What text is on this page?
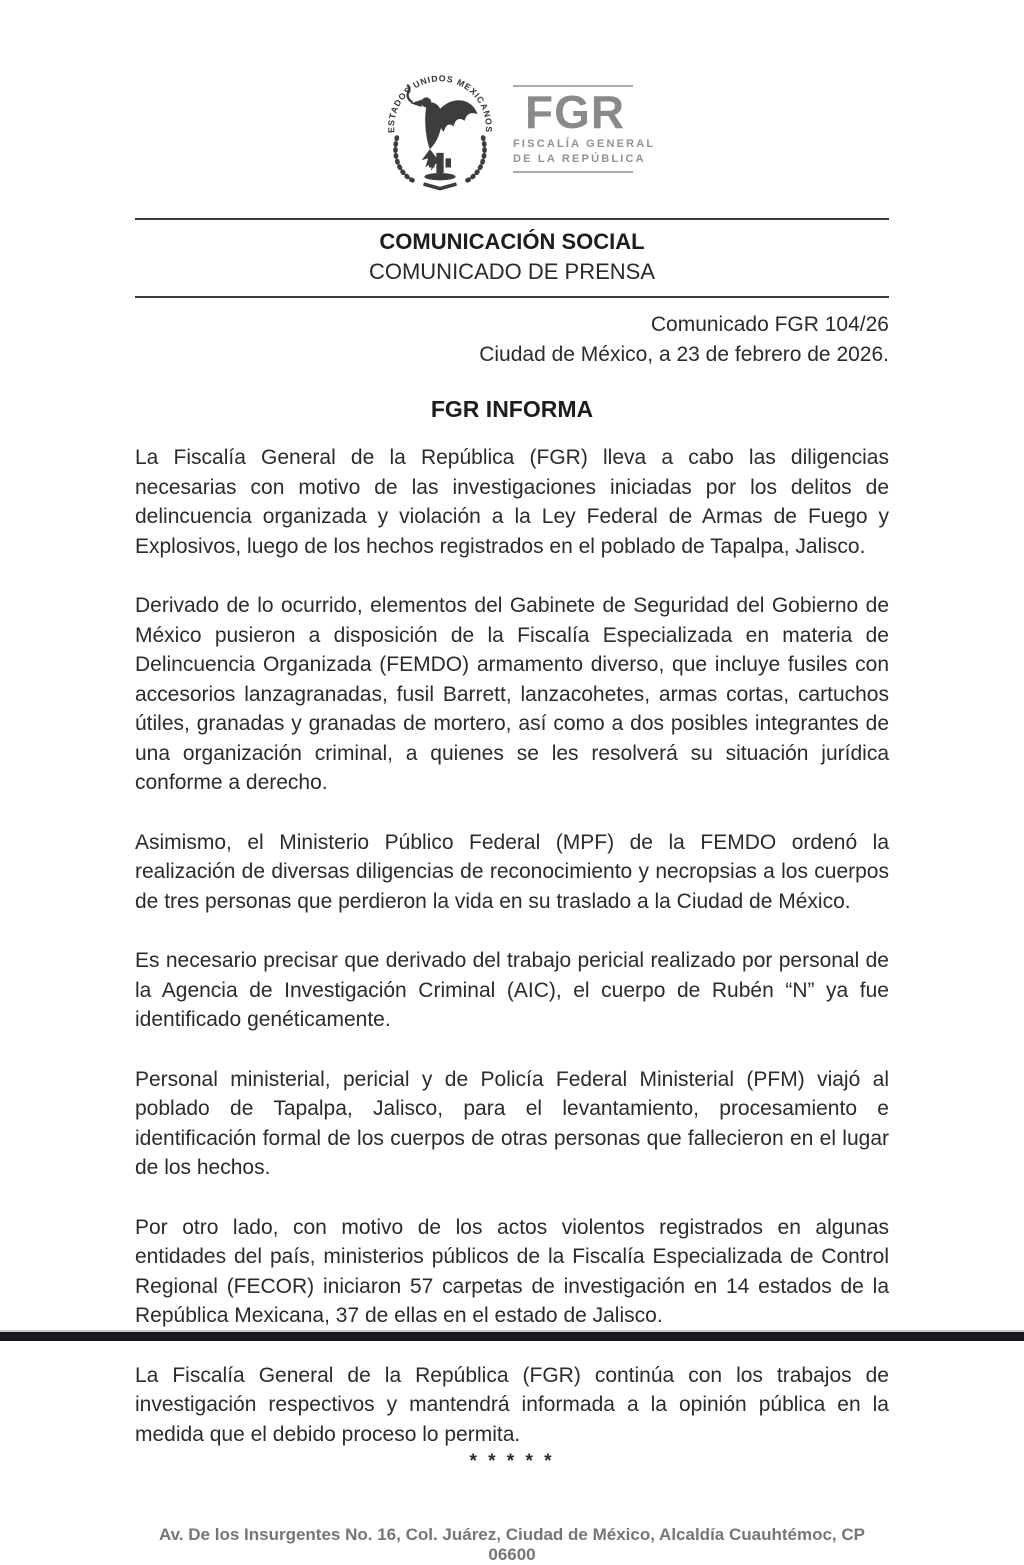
ESTADOS UNIDOS MEXICANOS FGR
FISCALÍA GENERAL
DE LA REPÚBLICA
COMUNICACIÓN SOCIAL
COMUNICADO DE PRENSA
Comunicado FGR 104/26
Ciudad de México, a 23 de febrero de 2026.
FGR INFORMA

La Fiscalía General de la República (FGR) lleva a cabo las diligencias necesarias con motivo de las investigaciones iniciadas por los delitos de delincuencia organizada y violación a la Ley Federal de Armas de Fuego y Explosivos, luego de los hechos registrados en el poblado de Tapalpa, Jalisco.

Derivado de lo ocurrido, elementos del Gabinete de Seguridad del Gobierno de México pusieron a disposición de la Fiscalía Especializada en materia de Delincuencia Organizada (FEMDO) armamento diverso, que incluye fusiles con accesorios lanzagranadas, fusil Barrett, lanzacohetes, armas cortas, cartuchos útiles, granadas y granadas de mortero, así como a dos posibles integrantes de una organización criminal, a quienes se les resolverá su situación jurídica conforme a derecho.

Asimismo, el Ministerio Público Federal (MPF) de la FEMDO ordenó la realización de diversas diligencias de reconocimiento y necropsias a los cuerpos de tres personas que perdieron la vida en su traslado a la Ciudad de México.

Es necesario precisar que derivado del trabajo pericial realizado por personal de la Agencia de Investigación Criminal (AIC), el cuerpo de Rubén “N” ya fue identificado genéticamente.

Personal ministerial, pericial y de Policía Federal Ministerial (PFM) viajó al poblado de Tapalpa, Jalisco, para el levantamiento, procesamiento e identificación formal de los cuerpos de otras personas que fallecieron en el lugar de los hechos.

Por otro lado, con motivo de los actos violentos registrados en algunas entidades del país, ministerios públicos de la Fiscalía Especializada de Control Regional (FECOR) iniciaron 57 carpetas de investigación en 14 estados de la República Mexicana, 37 de ellas en el estado de Jalisco.

La Fiscalía General de la República (FGR) continúa con los trabajos de investigación respectivos y mantendrá informada a la opinión pública en la medida que el debido proceso lo permita.

* * * * *
Av. De los Insurgentes No. 16, Col. Juárez, Ciudad de México, Alcaldía Cuauhtémoc, CP 06600
